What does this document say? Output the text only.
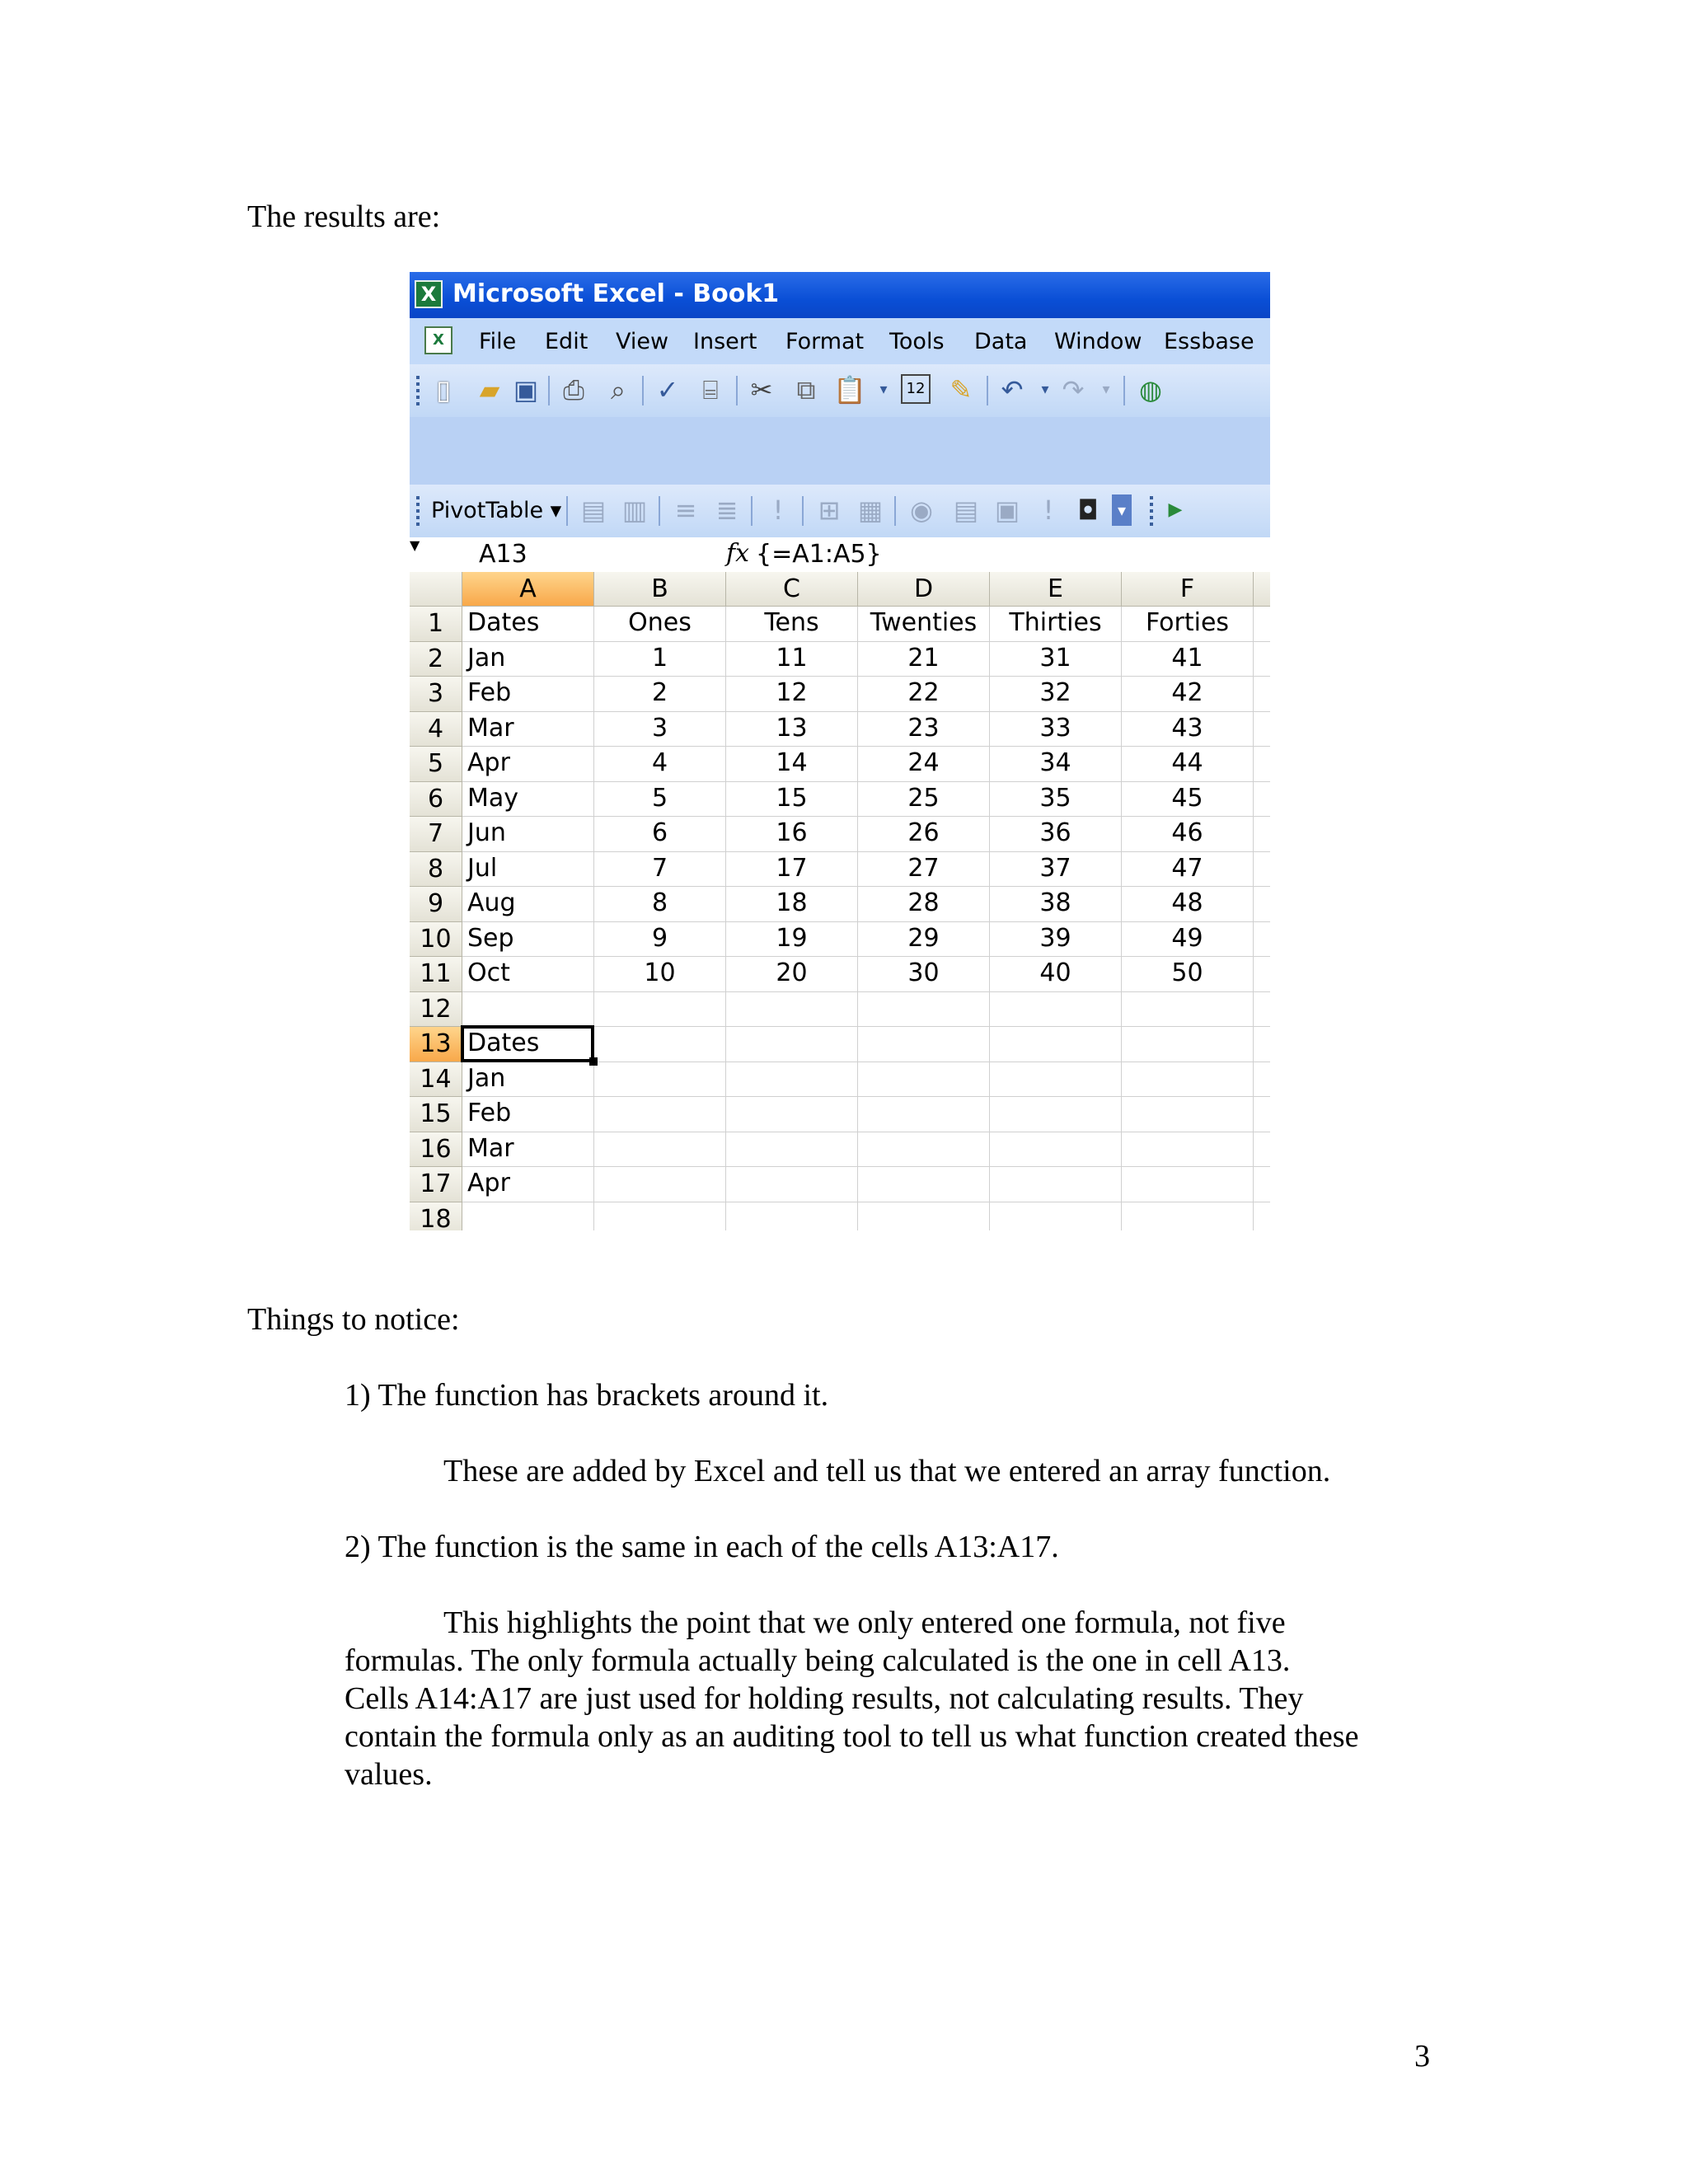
The results are:
X Microsoft Excel - Book1
X	File Edit View Insert Format Tools Data Window Essbase
▯	▰ ▣ ⎙	⌕	✓ ⌸ ✂ ⧉ 📋 ▾	12 ✎ ↶	▾ ↷	▾	◍
PivotTable ▾ ▤ ▥ ≡ ≣	!	⊞ ▦ ◉ ▤ ▣ ! ◘	▾	▶
A13
▼	fx {=A1:A5}
A	B	C	D	E	F
1 Dates	Ones	Tens	Twenties	Thirties	Forties
2 Jan	1	11	21	31	41
3 Feb	2	12	22	32	42
4 Mar	3	13	23	33	43
5 Apr	4	14	24	34	44
6 May	5	15	25	35	45
7 Jun	6	16	26	36	46
8 Jul	7	17	27	37	47
9 Aug	8	18	28	38	48
10 Sep	9	19	29	39	49
11 Oct	10	20	30	40	50
12
13 Dates
14 Jan
15 Feb
16 Mar
17 Apr
18
Things to notice:
1) The function has brackets around it.
These are added by Excel and tell us that we entered an array function.
2) The function is the same in each of the cells A13:A17.
This highlights the point that we only entered one formula, not five
formulas. The only formula actually being calculated is the one in cell A13.
Cells A14:A17 are just used for holding results, not calculating results. They
contain the formula only as an auditing tool to tell us what function created these
values.
3
